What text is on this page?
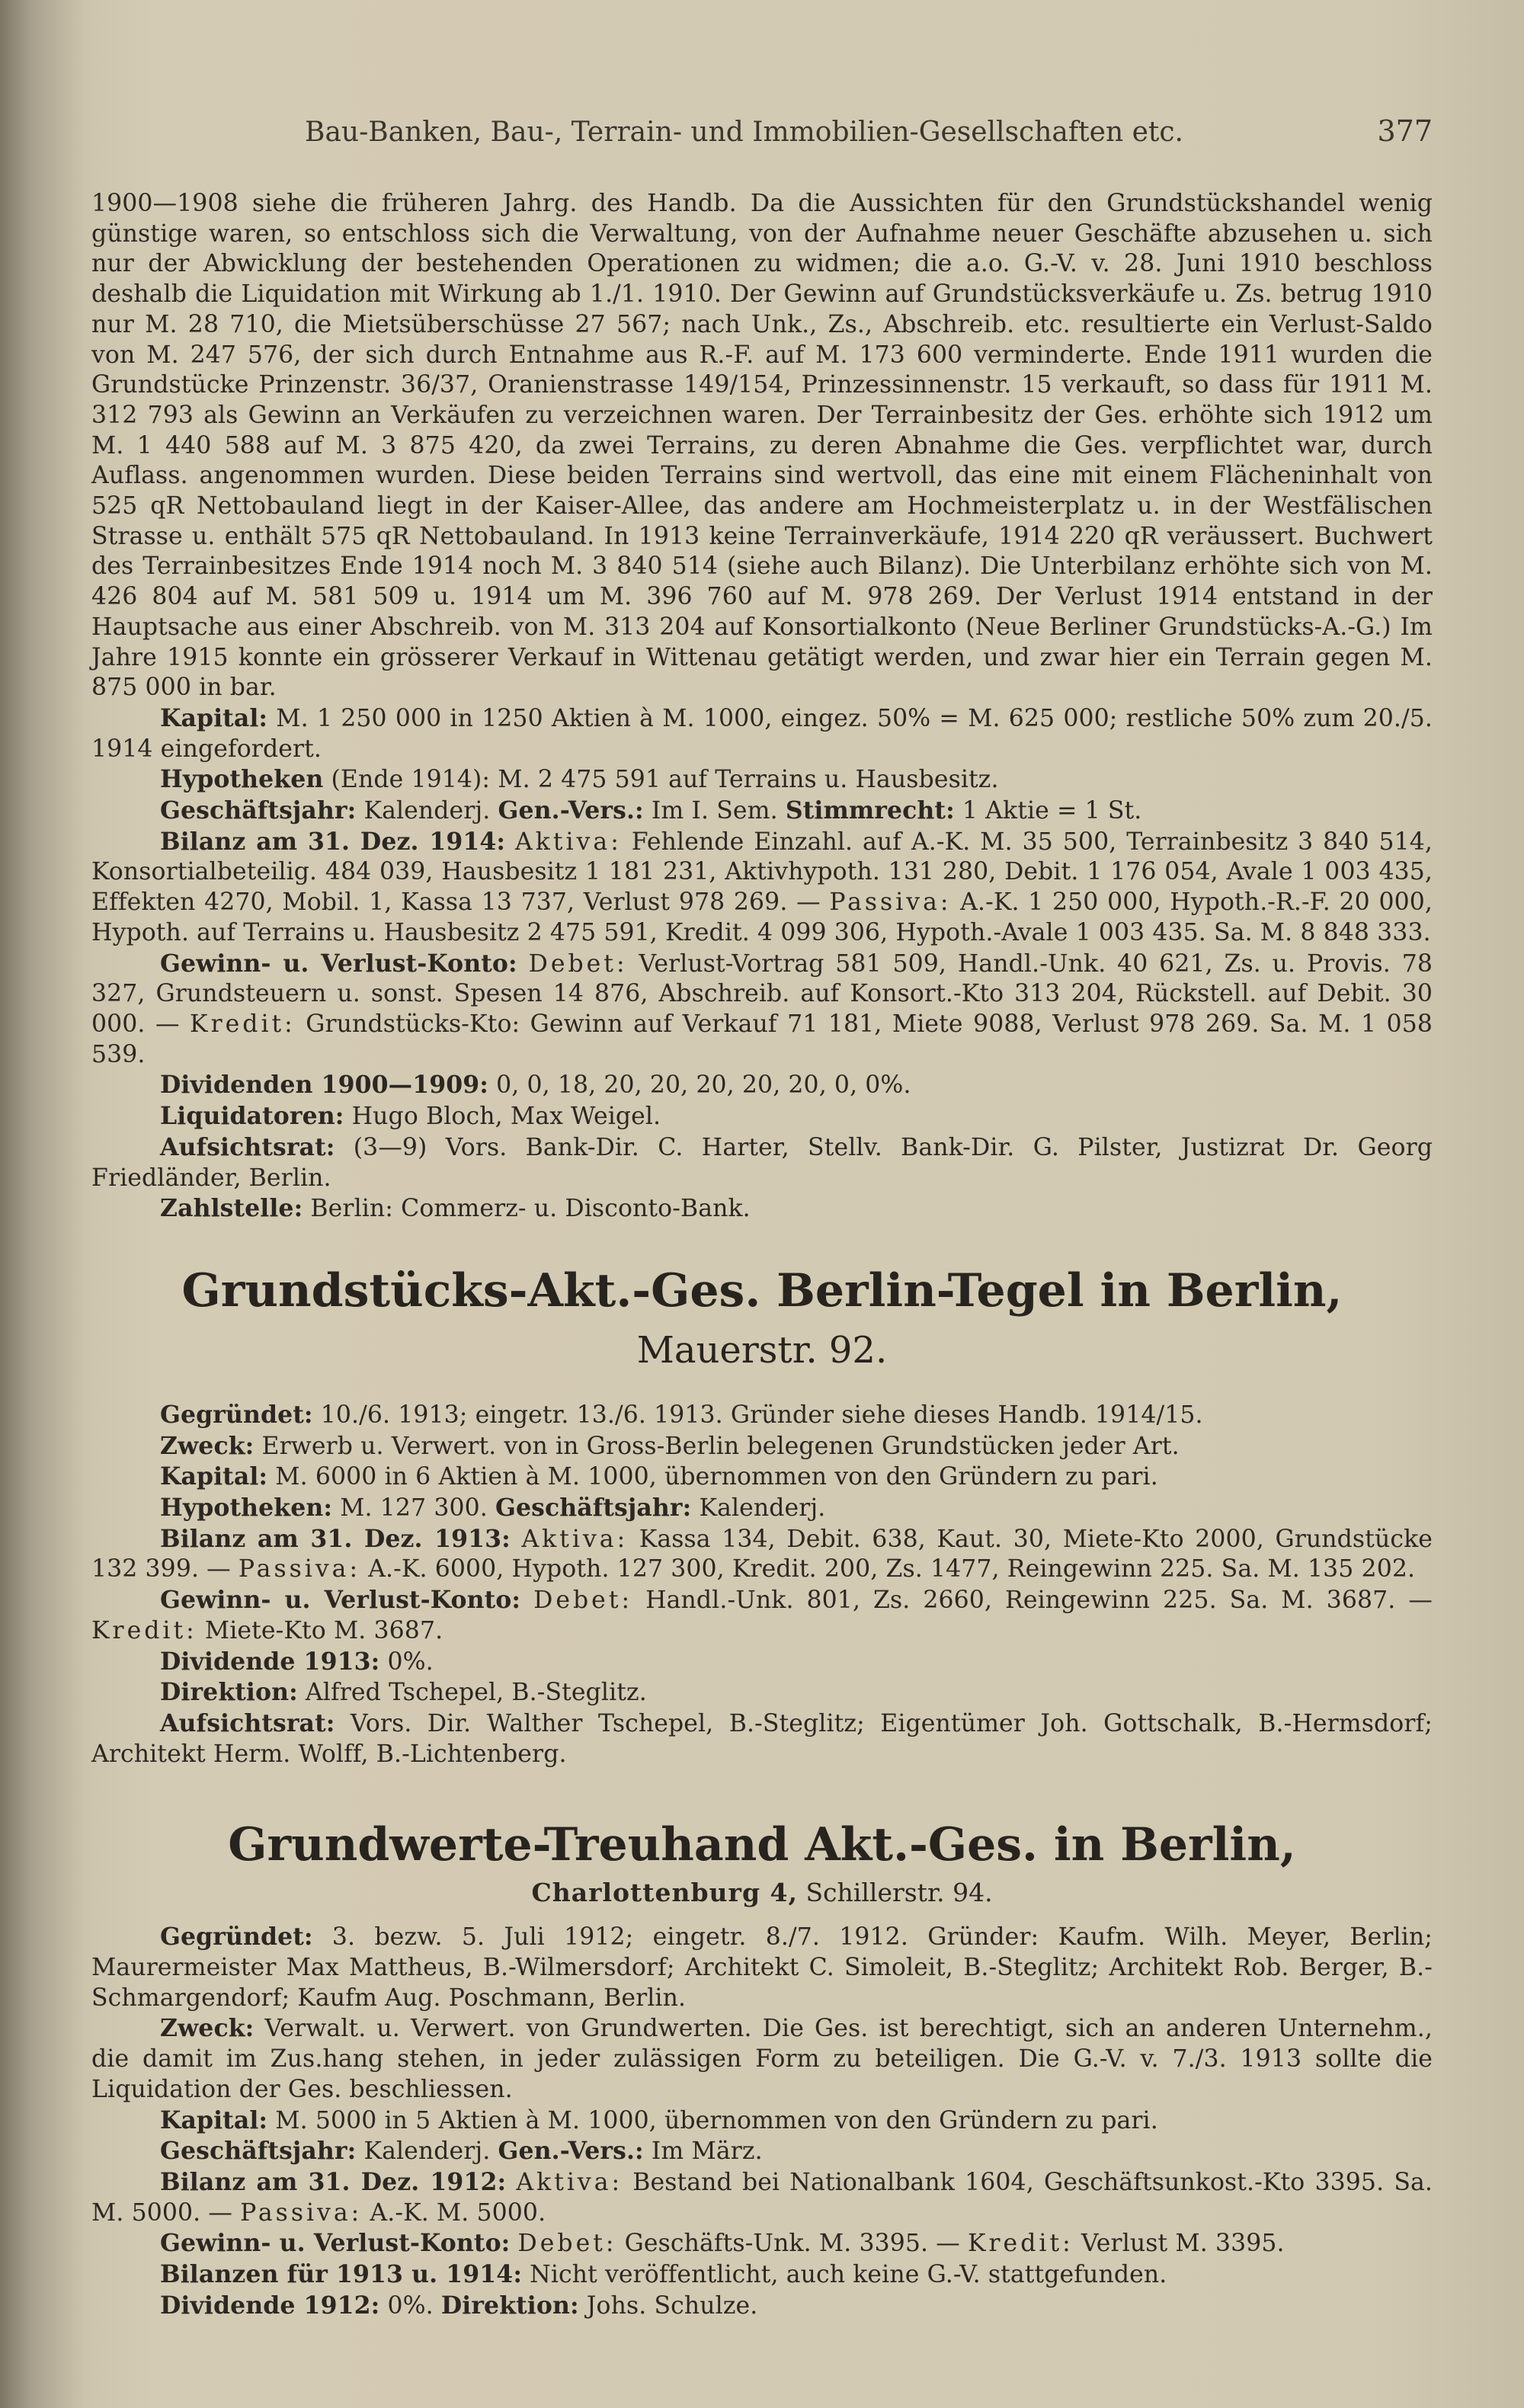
Bau-Banken, Bau-, Terrain- und Immobilien-Gesellschaften etc.	377

1900—1908 siehe die früheren Jahrg. des Handb. Da die Aussichten für den Grundstückshandel wenig günstige waren, so entschloss sich die Verwaltung, von der Aufnahme neuer Geschäfte abzusehen u. sich nur der Abwicklung der bestehenden Operationen zu widmen; die a.o. G.-V. v. 28. Juni 1910 beschloss deshalb die Liquidation mit Wirkung ab 1./1. 1910. Der Gewinn auf Grundstücksverkäufe u. Zs. betrug 1910 nur M. 28 710, die Mietsüberschüsse 27 567; nach Unk., Zs., Abschreib. etc. resultierte ein Verlust-Saldo von M. 247 576, der sich durch Entnahme aus R.-F. auf M. 173 600 verminderte. Ende 1911 wurden die Grundstücke Prinzenstr. 36/37, Oranienstrasse 149/154, Prinzessinnenstr. 15 verkauft, so dass für 1911 M. 312 793 als Gewinn an Verkäufen zu verzeichnen waren. Der Terrainbesitz der Ges. erhöhte sich 1912 um M. 1 440 588 auf M. 3 875 420, da zwei Terrains, zu deren Abnahme die Ges. verpflichtet war, durch Auflass. angenommen wurden. Diese beiden Terrains sind wertvoll, das eine mit einem Flächeninhalt von 525 qR Nettobauland liegt in der Kaiser-Allee, das andere am Hochmeisterplatz u. in der Westfälischen Strasse u. enthält 575 qR Nettobauland. In 1913 keine Terrainverkäufe, 1914 220 qR veräussert. Buchwert des Terrainbesitzes Ende 1914 noch M. 3 840 514 (siehe auch Bilanz). Die Unterbilanz erhöhte sich von M. 426 804 auf M. 581 509 u. 1914 um M. 396 760 auf M. 978 269. Der Verlust 1914 entstand in der Hauptsache aus einer Abschreib. von M. 313 204 auf Konsortialkonto (Neue Berliner Grundstücks-A.-G.) Im Jahre 1915 konnte ein grösserer Verkauf in Wittenau getätigt werden, und zwar hier ein Terrain gegen M. 875 000 in bar.

Kapital: M. 1 250 000 in 1250 Aktien à M. 1000, eingez. 50% = M. 625 000; restliche 50% zum 20./5. 1914 eingefordert.

Hypotheken (Ende 1914): M. 2 475 591 auf Terrains u. Hausbesitz.

Geschäftsjahr: Kalenderj. Gen.-Vers.: Im I. Sem. Stimmrecht: 1 Aktie = 1 St.

Bilanz am 31. Dez. 1914: Aktiva: Fehlende Einzahl. auf A.-K. M. 35 500, Terrainbesitz 3 840 514, Konsortialbeteilig. 484 039, Hausbesitz 1 181 231, Aktivhypoth. 131 280, Debit. 1 176 054, Avale 1 003 435, Effekten 4270, Mobil. 1, Kassa 13 737, Verlust 978 269. — Passiva: A.-K. 1 250 000, Hypoth.-R.-F. 20 000, Hypoth. auf Terrains u. Hausbesitz 2 475 591, Kredit. 4 099 306, Hypoth.-Avale 1 003 435. Sa. M. 8 848 333.

Gewinn- u. Verlust-Konto: Debet: Verlust-Vortrag 581 509, Handl.-Unk. 40 621, Zs. u. Provis. 78 327, Grundsteuern u. sonst. Spesen 14 876, Abschreib. auf Konsort.-Kto 313 204, Rückstell. auf Debit. 30 000. — Kredit: Grundstücks-Kto: Gewinn auf Verkauf 71 181, Miete 9088, Verlust 978 269. Sa. M. 1 058 539.

Dividenden 1900—1909: 0, 0, 18, 20, 20, 20, 20, 20, 0, 0%.

Liquidatoren: Hugo Bloch, Max Weigel.

Aufsichtsrat: (3—9) Vors. Bank-Dir. C. Harter, Stellv. Bank-Dir. G. Pilster, Justizrat Dr. Georg Friedländer, Berlin.

Zahlstelle: Berlin: Commerz- u. Disconto-Bank.

Grundstücks-Akt.-Ges. Berlin-Tegel in Berlin, Mauerstr. 92.

Gegründet: 10./6. 1913; eingetr. 13./6. 1913. Gründer siehe dieses Handb. 1914/15.

Zweck: Erwerb u. Verwert. von in Gross-Berlin belegenen Grundstücken jeder Art.

Kapital: M. 6000 in 6 Aktien à M. 1000, übernommen von den Gründern zu pari.

Hypotheken: M. 127 300. Geschäftsjahr: Kalenderj.

Bilanz am 31. Dez. 1913: Aktiva: Kassa 134, Debit. 638, Kaut. 30, Miete-Kto 2000, Grundstücke 132 399. — Passiva: A.-K. 6000, Hypoth. 127 300, Kredit. 200, Zs. 1477, Reingewinn 225. Sa. M. 135 202.

Gewinn- u. Verlust-Konto: Debet: Handl.-Unk. 801, Zs. 2660, Reingewinn 225. Sa. M. 3687. — Kredit: Miete-Kto M. 3687.

Dividende 1913: 0%.

Direktion: Alfred Tschepel, B.-Steglitz.

Aufsichtsrat: Vors. Dir. Walther Tschepel, B.-Steglitz; Eigentümer Joh. Gottschalk, B.-Hermsdorf; Architekt Herm. Wolff, B.-Lichtenberg.

Grundwerte-Treuhand Akt.-Ges. in Berlin,
Charlottenburg 4, Schillerstr. 94.

Gegründet: 3. bezw. 5. Juli 1912; eingetr. 8./7. 1912. Gründer: Kaufm. Wilh. Meyer, Berlin; Maurermeister Max Mattheus, B.-Wilmersdorf; Architekt C. Simoleit, B.-Steglitz; Architekt Rob. Berger, B.-Schmargendorf; Kaufm Aug. Poschmann, Berlin.

Zweck: Verwalt. u. Verwert. von Grundwerten. Die Ges. ist berechtigt, sich an anderen Unternehm., die damit im Zus.hang stehen, in jeder zulässigen Form zu beteiligen. Die G.-V. v. 7./3. 1913 sollte die Liquidation der Ges. beschliessen.

Kapital: M. 5000 in 5 Aktien à M. 1000, übernommen von den Gründern zu pari.

Geschäftsjahr: Kalenderj. Gen.-Vers.: Im März.

Bilanz am 31. Dez. 1912: Aktiva: Bestand bei Nationalbank 1604, Geschäftsunkost.-Kto 3395. Sa. M. 5000. — Passiva: A.-K. M. 5000.

Gewinn- u. Verlust-Konto: Debet: Geschäfts-Unk. M. 3395. — Kredit: Verlust M. 3395.

Bilanzen für 1913 u. 1914: Nicht veröffentlicht, auch keine G.-V. stattgefunden.

Dividende 1912: 0%. Direktion: Johs. Schulze.
